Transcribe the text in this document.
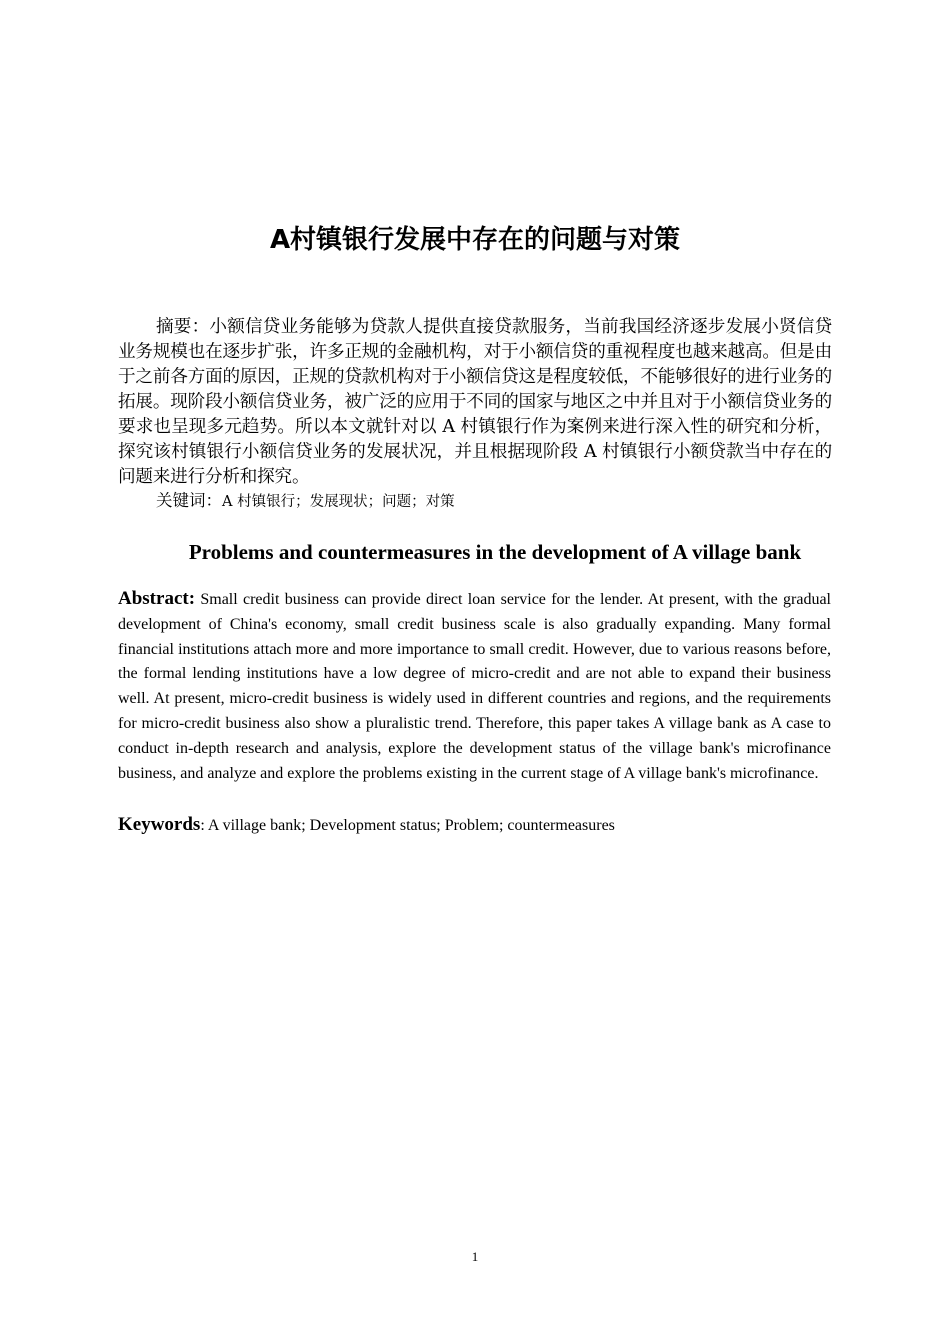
A村镇银行发展中存在的问题与对策

摘要：小额信贷业务能够为贷款人提供直接贷款服务，当前我国经济逐步发展小贤信贷业务规模也在逐步扩张，许多正规的金融机构，对于小额信贷的重视程度也越来越高。但是由于之前各方面的原因，正规的贷款机构对于小额信贷这是程度较低，不能够很好的进行业务的拓展。现阶段小额信贷业务，被广泛的应用于不同的国家与地区之中并且对于小额信贷业务的要求也呈现多元趋势。所以本文就针对以 A 村镇银行作为案例来进行深入性的研究和分析，探究该村镇银行小额信贷业务的发展状况，并且根据现阶段 A 村镇银行小额贷款当中存在的问题来进行分析和探究。

关键词：A 村镇银行；发展现状；问题；对策

Problems and countermeasures in the development of A village bank

Abstract: Small credit business can provide direct loan service for the lender. At present, with the gradual development of China's economy, small credit business scale is also gradually expanding. Many formal financial institutions attach more and more importance to small credit. However, due to various reasons before, the formal lending institutions have a low degree of micro-credit and are not able to expand their business well. At present, micro-credit business is widely used in different countries and regions, and the requirements for micro-credit business also show a pluralistic trend. Therefore, this paper takes A village bank as A case to conduct in-depth research and analysis, explore the development status of the village bank's microfinance business, and analyze and explore the problems existing in the current stage of A village bank's microfinance.

Keywords: A village bank; Development status; Problem; countermeasures

1
